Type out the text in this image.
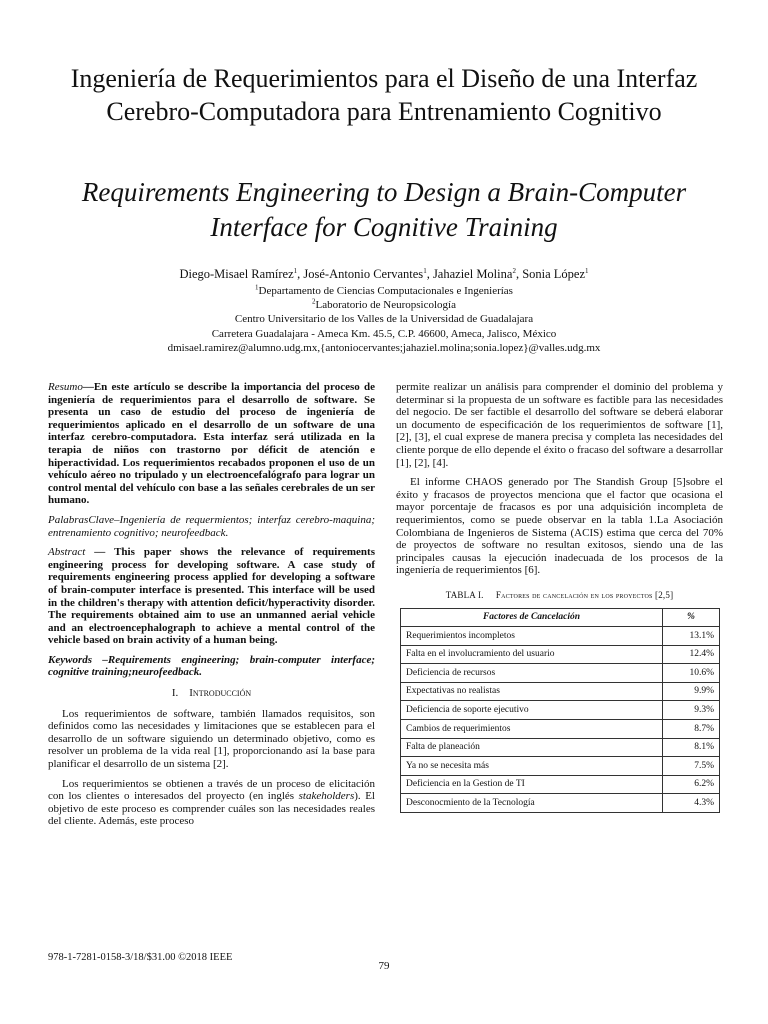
Ingeniería de Requerimientos para el Diseño de una Interfaz Cerebro-Computadora para Entrenamiento Cognitivo
Requirements Engineering to Design a Brain-Computer Interface for Cognitive Training
Diego-Misael Ramírez$^1$, José-Antonio Cervantes$^1$, Jahaziel Molina$^2$, Sonia López$^1$
$^1$Departamento de Ciencias Computacionales e Ingenierías
$^2$Laboratorio de Neuropsicología
Centro Universitario de los Valles de la Universidad de Guadalajara
Carretera Guadalajara - Ameca Km. 45.5, C.P. 46600, Ameca, Jalisco, México
dmisael.ramirez@alumno.udg.mx,{antoniocervantes;jahaziel.molina;sonia.lopez}@valles.udg.mx

Resumo—En este artículo se describe la importancia del proceso de ingeniería de requerimientos para el desarrollo de software. Se presenta un caso de estudio del proceso de ingeniería de requerimientos aplicado en el desarrollo de un software de una interfaz cerebro-computadora. Esta interfaz será utilizada en la terapia de niños con trastorno por déficit de atención e hiperactividad. Los requerimientos recabados proponen el uso de un vehículo aéreo no tripulado y un electroencefalógrafo para lograr un control mental del vehículo con base a las señales cerebrales de un ser humano.

PalabrasClave–Ingeniería de requermientos; interfaz cerebro-maquina; entrenamiento cognitivo; neurofeedback.

Abstract — This paper shows the relevance of requirements engineering process for developing software. A case study of requirements engineering process applied for developing a software of brain-computer interface is presented. This interface will be used in the children's therapy with attention deficit/hyperactivity disorder. The requirements obtained aim to use an unmanned aerial vehicle and an electroencephalograph to achieve a mental control of the vehicle based on brain activity of a human being.

Keywords –Requirements engineering; brain-computer interface; cognitive training;neurofeedback.

I. Introducción

Los requerimientos de software, también llamados requisitos, son definidos como las necesidades y limitaciones que se establecen para el desarrollo de un software siguiendo un determinado objetivo, como es resolver un problema de la vida real [1], proporcionando así la base para planificar el desarrollo de un sistema [2].

Los requerimientos se obtienen a través de un proceso de elicitación con los clientes o interesados del proyecto (en inglés stakeholders). El objetivo de este proceso es comprender cuáles son las necesidades reales del cliente. Además, este proceso

permite realizar un análisis para comprender el dominio del problema y determinar si la propuesta de un software es factible para las necesidades del negocio. De ser factible el desarrollo del software se deberá elaborar un documento de especificación de los requerimientos de software [1], [2], [3], el cual exprese de manera precisa y completa las necesidades del cliente porque de ello depende el éxito o fracaso del software a desarrollar [1], [2], [4].

El informe CHAOS generado por The Standish Group [5]sobre el éxito y fracasos de proyectos menciona que el factor que ocasiona el mayor porcentaje de fracasos es por una adquisición incompleta de requerimientos, como se puede observar en la tabla 1.La Asociación Colombiana de Ingenieros de Sistema (ACIS) estima que cerca del 70% de proyectos de software no resultan exitosos, siendo una de las principales causas la ejecución inadecuada de los procesos de la ingeniería de requerimientos [6].

TABLA I. Factores de cancelación en los proyectos [2,5]

Factores de Cancelación	%
Requerimientos incompletos	13.1%
Falta en el involucramiento del usuario	12.4%
Deficiencia de recursos	10.6%
Expectativas no realistas	9.9%
Deficiencia de soporte ejecutivo	9.3%
Cambios de requerimientos	8.7%
Falta de planeación	8.1%
Ya no se necesita más	7.5%
Deficiencia en la Gestion de TI	6.2%
Desconocmiento de la Tecnología	4.3%
978-1-7281-0158-3/18/$31.00 ©2018 IEEE
79
